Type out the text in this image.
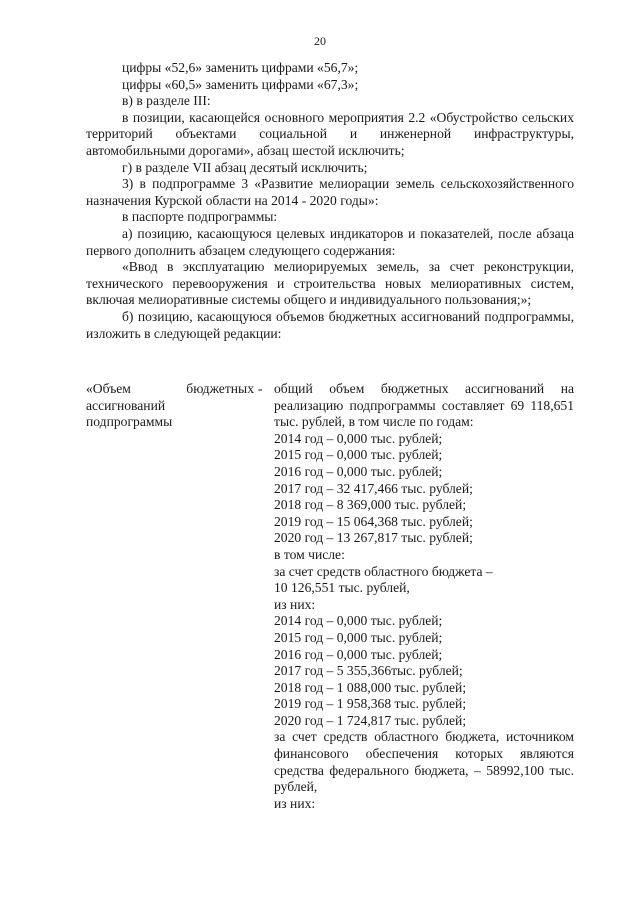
20

цифры «52,6» заменить цифрами «56,7»;

цифры «60,5» заменить цифрами «67,3»;

в) в разделе III:

в позиции, касающейся основного мероприятия 2.2 «Обустройство сельских территорий объектами социальной и инженерной инфраструктуры, автомобильными дорогами», абзац шестой исключить;

г) в разделе VII абзац десятый исключить;

3) в подпрограмме 3 «Развитие мелиорации земель сельскохозяйственного назначения Курской области на 2014 - 2020 годы»:

в паспорте подпрограммы:

а) позицию, касающуюся целевых индикаторов и показателей, после абзаца первого дополнить абзацем следующего содержания:

«Ввод в эксплуатацию мелиорируемых земель, за счет реконструкции, технического перевооружения и строительства новых мелиоративных систем, включая мелиоративные системы общего и индивидуального пользования;»;

б) позицию, касающуюся объемов бюджетных ассигнований подпрограммы, изложить в следующей редакции:

«Объем бюджетных ассигнований подпрограммы
- общий объем бюджетных ассигнований на реализацию подпрограммы составляет 69 118,651 тыс. рублей, в том числе по годам:

2014 год – 0,000 тыс. рублей;

2015 год – 0,000 тыс. рублей;

2016 год – 0,000 тыс. рублей;

2017 год – 32 417,466 тыс. рублей;

2018 год – 8 369,000 тыс. рублей;

2019 год – 15 064,368 тыс. рублей;

2020 год – 13 267,817 тыс. рублей;

в том числе:

за счет средств областного бюджета –

10 126,551 тыс. рублей,

из них:

2014 год – 0,000 тыс. рублей;

2015 год – 0,000 тыс. рублей;

2016 год – 0,000 тыс. рублей;

2017 год – 5 355,366тыс. рублей;

2018 год – 1 088,000 тыс. рублей;

2019 год – 1 958,368 тыс. рублей;

2020 год – 1 724,817 тыс. рублей;

за счет средств областного бюджета, источником финансового обеспечения которых являются средства федерального бюджета, – 58992,100 тыс. рублей,

из них:
